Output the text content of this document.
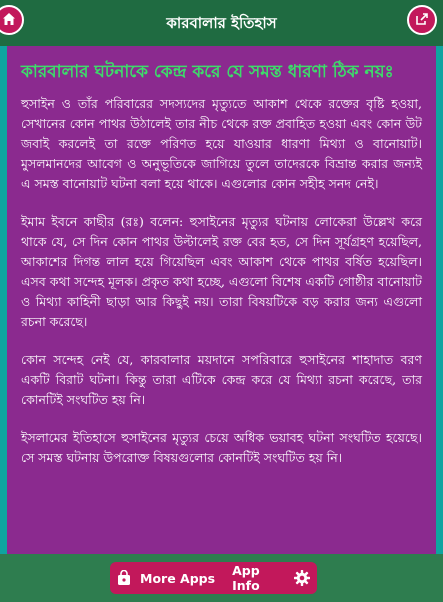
কারবালার ইতিহাস
কারবালার ঘটনাকে কেন্দ্র করে যে সমস্ত ধারণা ঠিক নয়ঃ

হুসাইন ও তাঁর পরিবারের সদস্যদের মৃত্যুতে আকাশ থেকে রক্তের বৃষ্টি হওয়া, সেখানের কোন পাথর উঠালেই তার নীচ থেকে রক্ত প্রবাহিত হওয়া এবং কোন উট জবাই করলেই তা রক্তে পরিণত হয়ে যাওয়ার ধারণা মিথ্যা ও বানোয়াট। মুসলমানদের আবেগ ও অনুভূতিকে জাগিয়ে তুলে তাদেরকে বিভ্রান্ত করার জন্যই এ সমস্ত বানোয়াট ঘটনা বলা হয়ে থাকে। এগুলোর কোন সহীহ সনদ নেই।

ইমাম ইবনে কাছীর (রঃ) বলেন: হুসাইনের মৃত্যুর ঘটনায় লোকেরা উল্লেখ করে থাকে যে, সে দিন কোন পাথর উল্টালেই রক্ত বের হত, সে দিন সূর্যগ্রহণ হয়েছিল, আকাশের দিগন্ত লাল হয়ে গিয়েছিল এবং আকাশ থেকে পাথর বর্ষিত হয়েছিল। এসব কথা সন্দেহ মূলক। প্রকৃত কথা হচ্ছে, এগুলো বিশেষ একটি গোষ্ঠীর বানোয়াট ও মিথ্যা কাহিনী ছাড়া আর কিছুই নয়। তারা বিষয়টিকে বড় করার জন্য এগুলো রচনা করেছে।

কোন সন্দেহ নেই যে, কারবালার ময়দানে সপরিবারে হুসাইনের শাহাদাত বরণ একটি বিরাট ঘটনা। কিন্তু তারা এটিকে কেন্দ্র করে যে মিথ্যা রচনা করেছে, তার কোনটিই সংঘটিত হয় নি।

ইসলামের ইতিহাসে হুসাইনের মৃত্যুর চেয়ে অধিক ভয়াবহ ঘটনা সংঘটিত হয়েছে। সে সমস্ত ঘটনায় উপরোক্ত বিষয়গুলোর কোনটিই সংঘটিত হয় নি।

More Apps App Info
